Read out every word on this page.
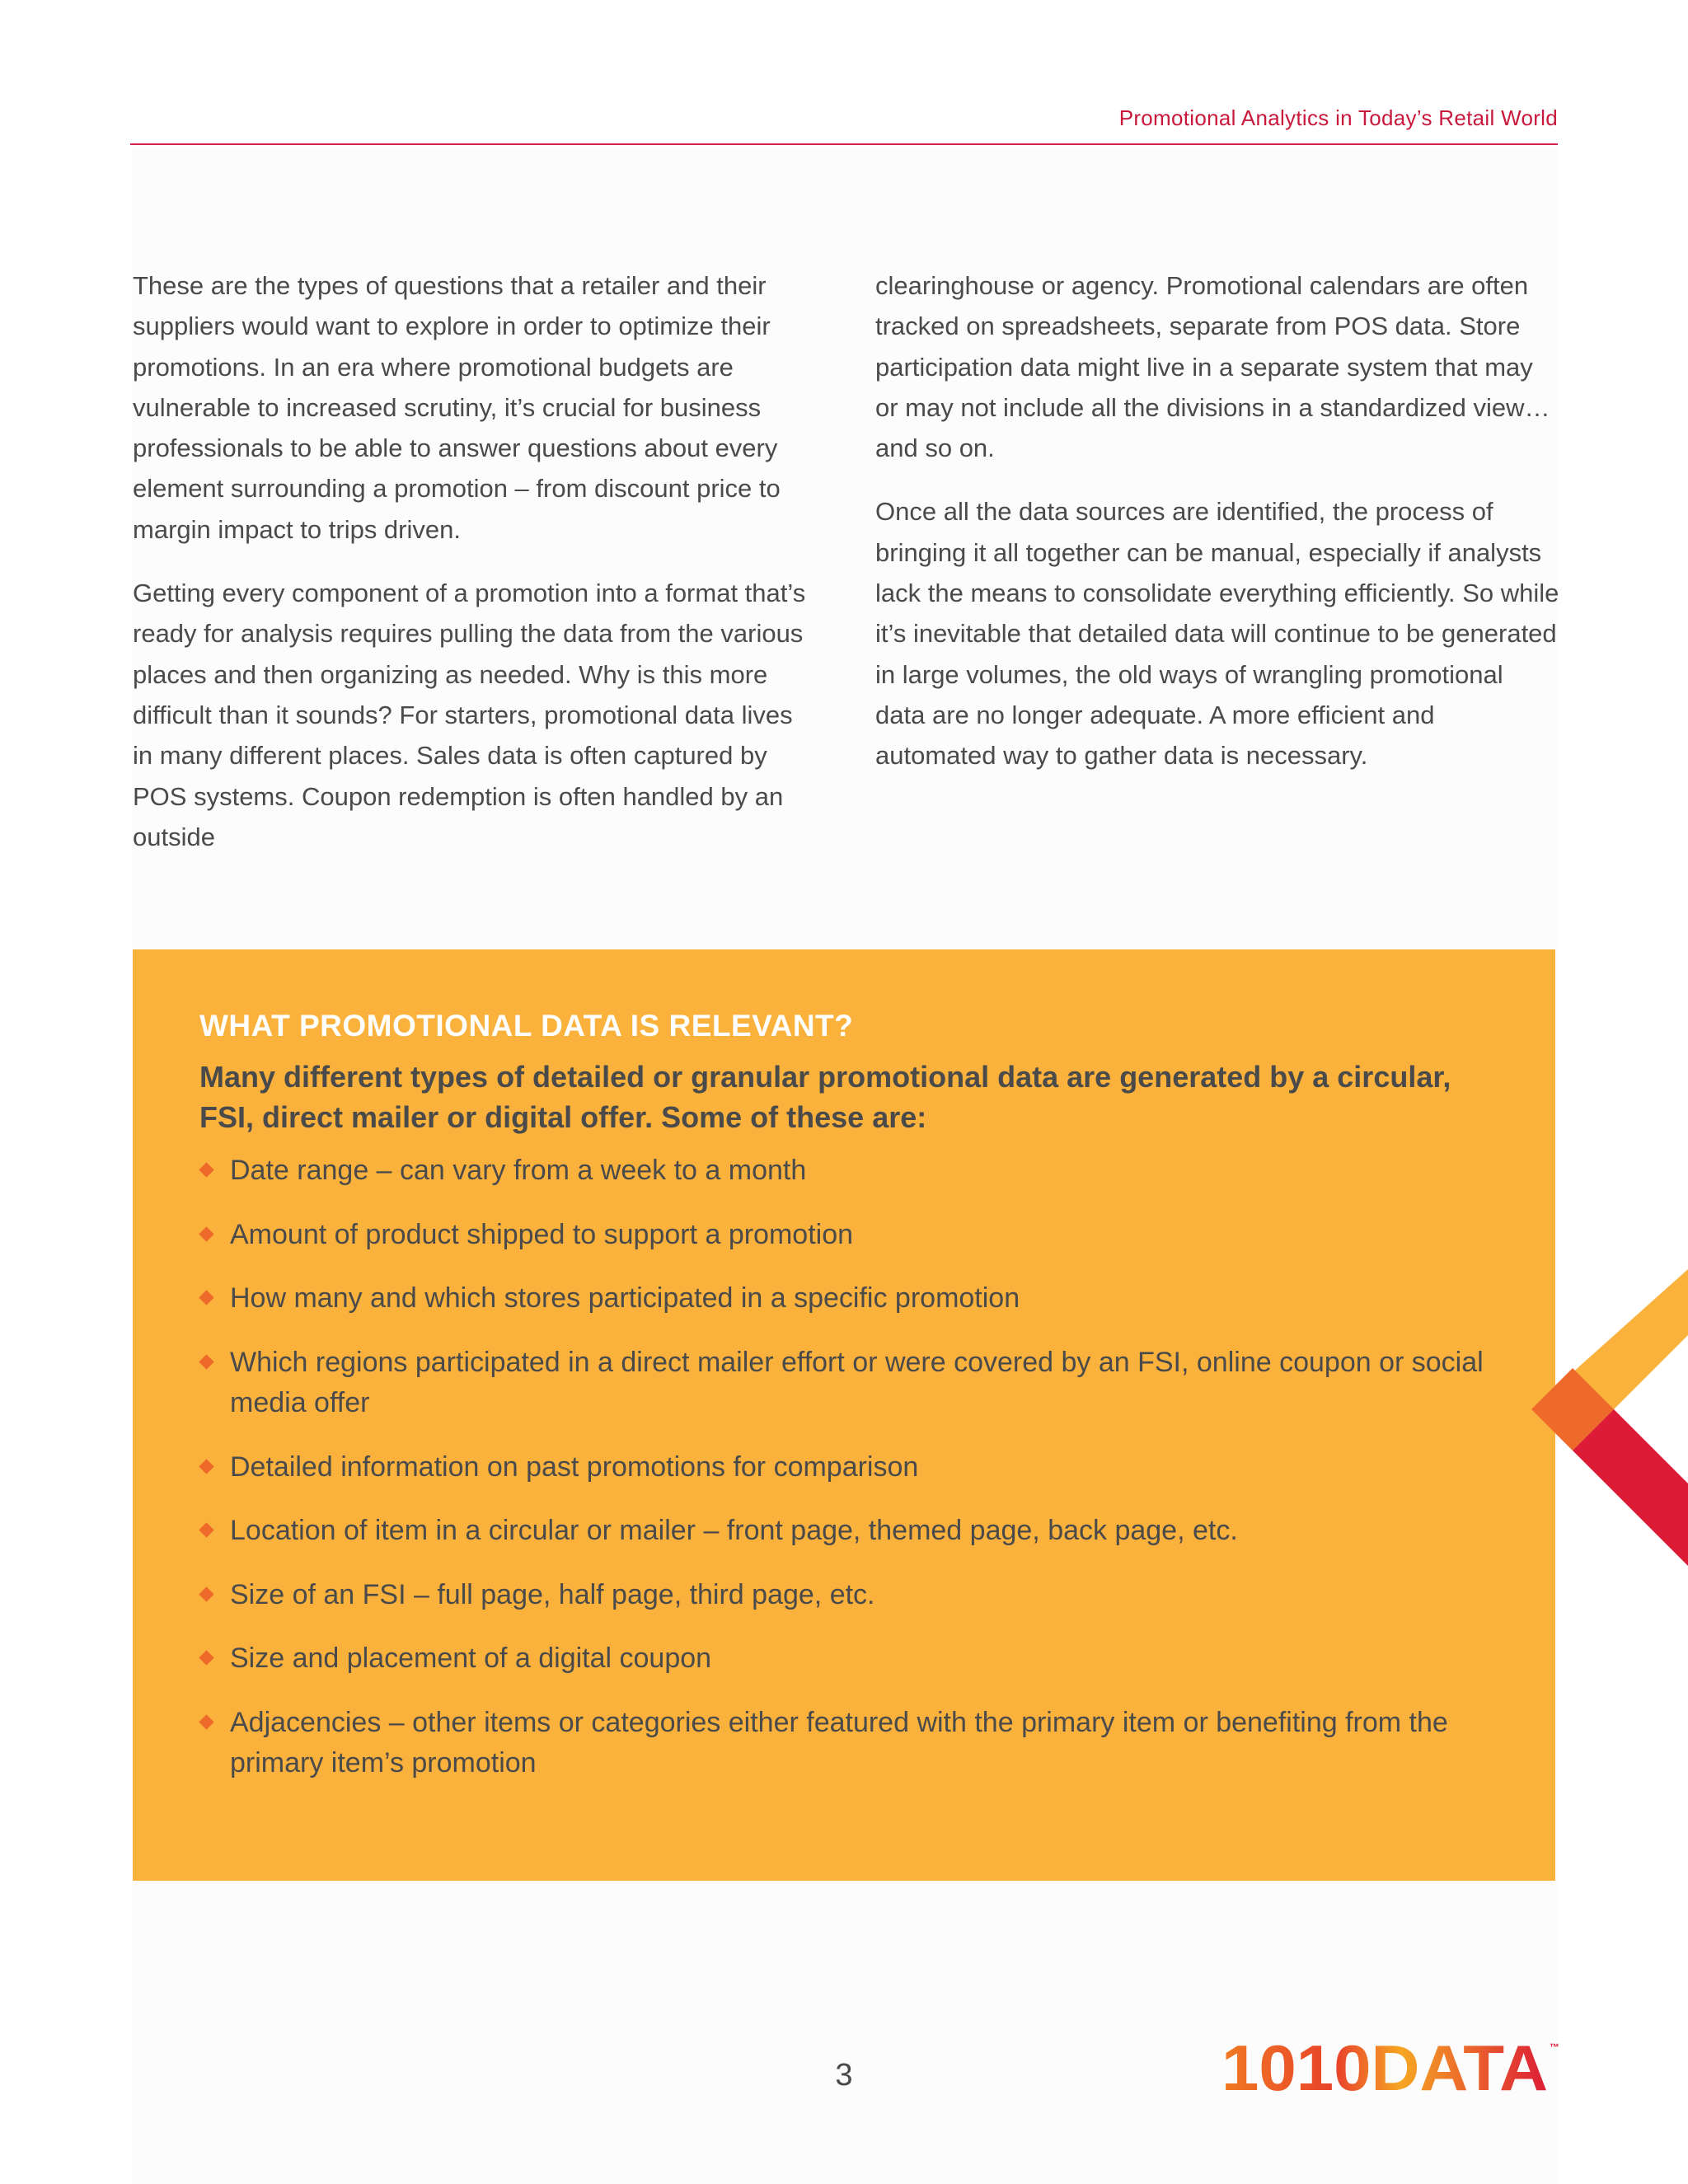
Promotional Analytics in Today’s Retail World

These are the types of questions that a retailer and their suppliers would want to explore in order to optimize their promotions. In an era where promotional budgets are vulnerable to increased scrutiny, it’s crucial for business professionals to be able to answer questions about every element surrounding a promotion – from discount price to margin impact to trips driven.

Getting every component of a promotion into a format that’s ready for analysis requires pulling the data from the various places and then organizing as needed. Why is this more difficult than it sounds? For starters, promotional data lives in many different places. Sales data is often captured by POS systems. Coupon redemption is often handled by an outside

clearinghouse or agency. Promotional calendars are often tracked on spreadsheets, separate from POS data. Store participation data might live in a separate system that may or may not include all the divisions in a standardized view…and so on.

Once all the data sources are identified, the process of bringing it all together can be manual, especially if analysts lack the means to consolidate everything efficiently. So while it’s inevitable that detailed data will continue to be generated in large volumes, the old ways of wrangling promotional data are no longer adequate. A more efficient and automated way to gather data is necessary.

WHAT PROMOTIONAL DATA IS RELEVANT?

Many different types of detailed or granular promotional data are generated by a circular, FSI, direct mailer or digital offer. Some of these are:

Date range – can vary from a week to a month
Amount of product shipped to support a promotion
How many and which stores participated in a specific promotion
Which regions participated in a direct mailer effort or were covered by an FSI, online coupon or social media offer
Detailed information on past promotions for comparison
Location of item in a circular or mailer – front page, themed page, back page, etc.
Size of an FSI – full page, half page, third page, etc.
Size and placement of a digital coupon
Adjacencies – other items or categories either featured with the primary item or benefiting from the primary item’s promotion
3	1010DATA ™
